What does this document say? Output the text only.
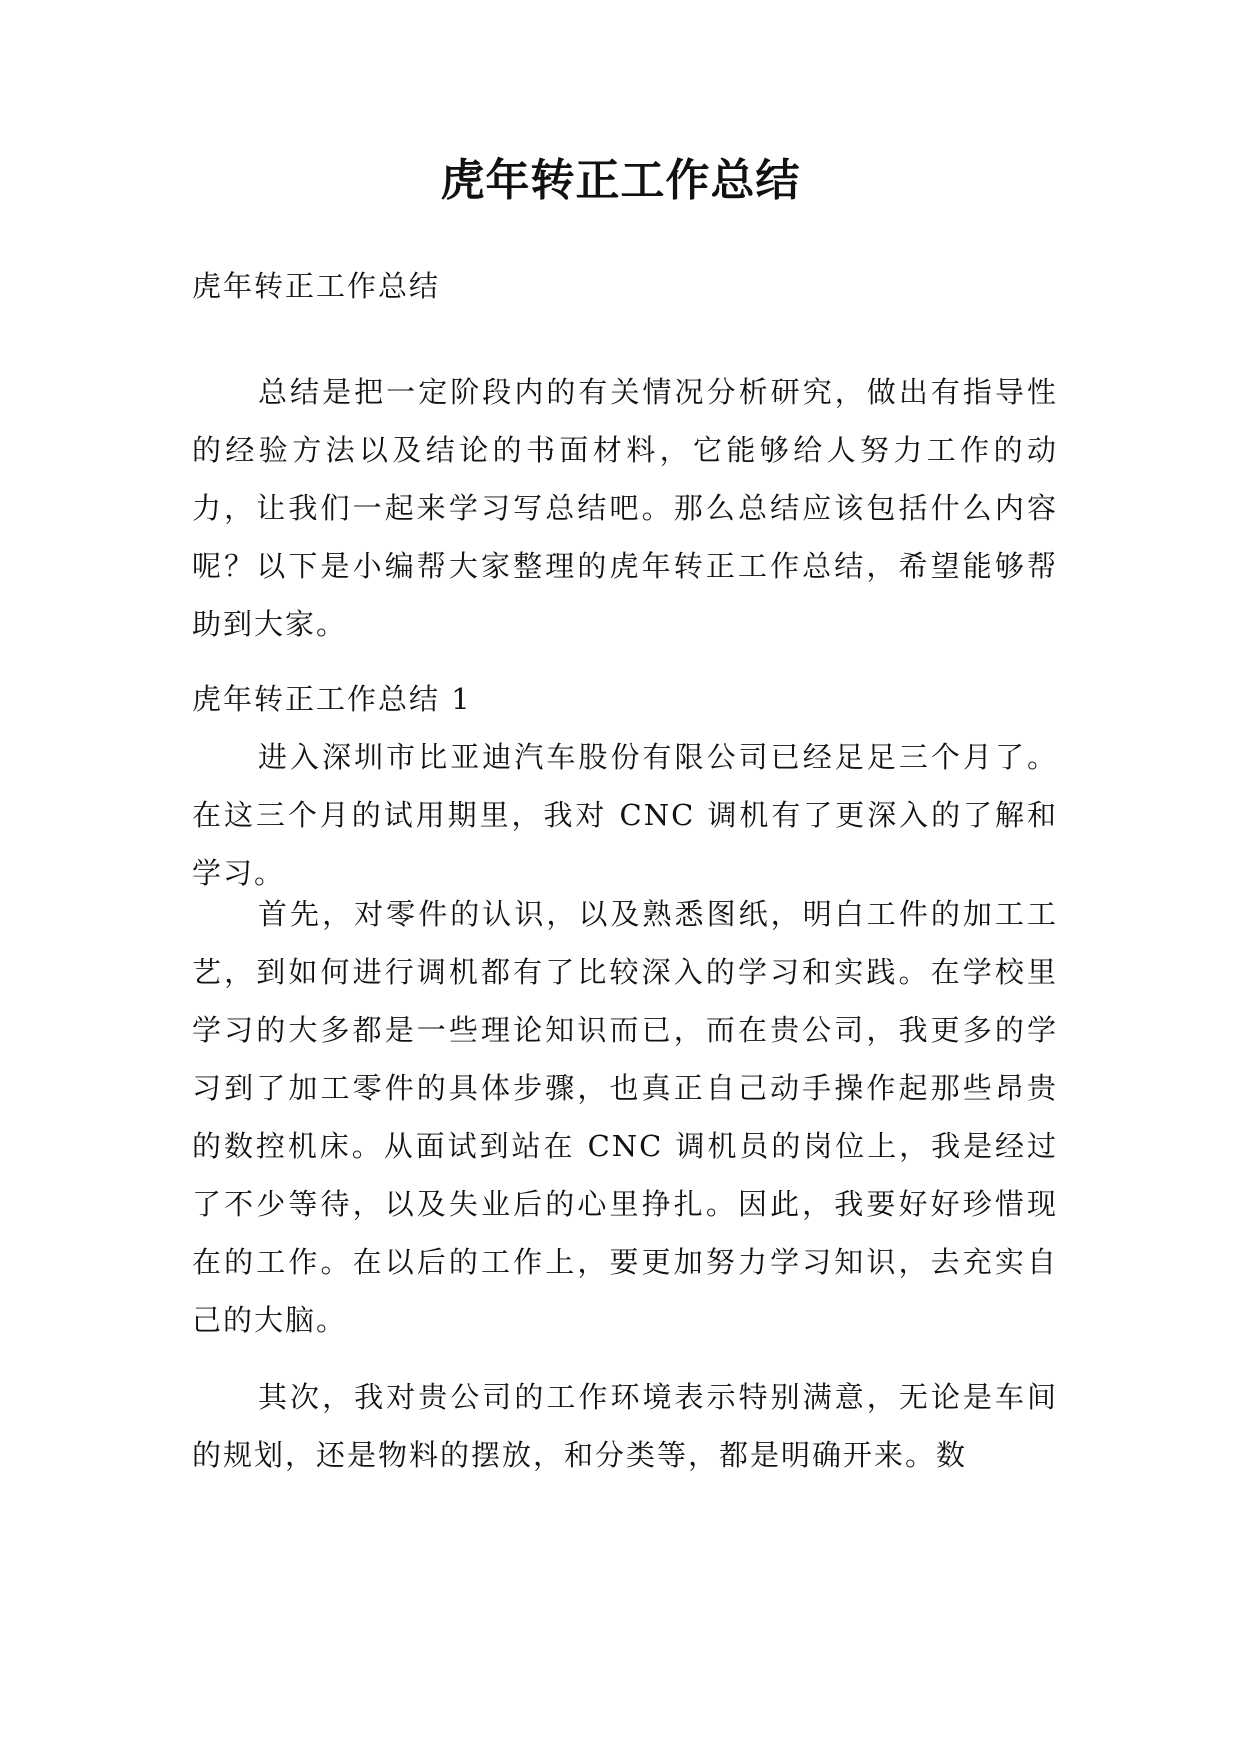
虎年转正工作总结
虎年转正工作总结

总结是把一定阶段内的有关情况分析研究，做出有指导性的经验方法以及结论的书面材料，它能够给人努力工作的动力，让我们一起来学习写总结吧。那么总结应该包括什么内容呢？以下是小编帮大家整理的虎年转正工作总结，希望能够帮助到大家。

虎年转正工作总结 1

进入深圳市比亚迪汽车股份有限公司已经足足三个月了。在这三个月的试用期里，我对 CNC 调机有了更深入的了解和学习。

首先，对零件的认识，以及熟悉图纸，明白工件的加工工艺，到如何进行调机都有了比较深入的学习和实践。在学校里学习的大多都是一些理论知识而已，而在贵公司，我更多的学习到了加工零件的具体步骤，也真正自己动手操作起那些昂贵的数控机床。从面试到站在 CNC 调机员的岗位上，我是经过了不少等待，以及失业后的心里挣扎。因此，我要好好珍惜现在的工作。在以后的工作上，要更加努力学习知识，去充实自己的大脑。

其次，我对贵公司的工作环境表示特别满意，无论是车间的规划，还是物料的摆放，和分类等，都是明确开来。数
